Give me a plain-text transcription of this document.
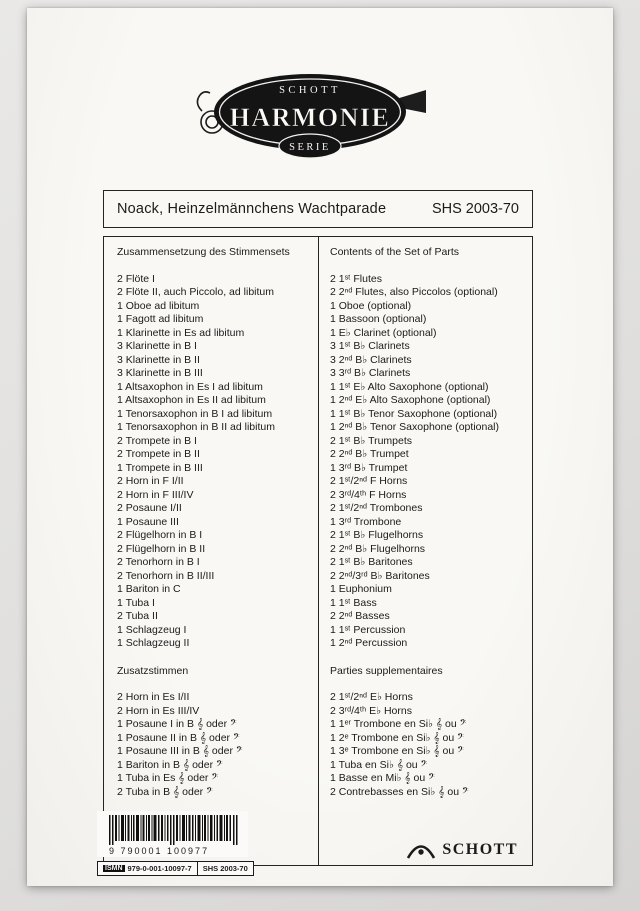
SCHOTT
HARMONIE
SERIE
Noack, Heinzelmännchens Wachtparade	SHS 2003-70
Zusammensetzung des Stimmensets
2 Flöte I
2 Flöte II, auch Piccolo, ad libitum
1 Oboe ad libitum
1 Fagott ad libitum
1 Klarinette in Es ad libitum
3 Klarinette in B I
3 Klarinette in B II
3 Klarinette in B III
1 Altsaxophon in Es I ad libitum
1 Altsaxophon in Es II ad libitum
1 Tenorsaxophon in B I ad libitum
1 Tenorsaxophon in B II ad libitum
2 Trompete in B I
2 Trompete in B II
1 Trompete in B III
2 Horn in F I/II
2 Horn in F III/IV
2 Posaune I/II
1 Posaune III
2 Flügelhorn in B I
2 Flügelhorn in B II
2 Tenorhorn in B I
2 Tenorhorn in B II/III
1 Bariton in C
1 Tuba I
2 Tuba II
1 Schlagzeug I
1 Schlagzeug II
Zusatzstimmen
2 Horn in Es I/II
2 Horn in Es III/IV
1 Posaune I in B 𝄞 oder 𝄢
1 Posaune II in B 𝄞 oder 𝄢
1 Posaune III in B 𝄞 oder 𝄢
1 Bariton in B 𝄞 oder 𝄢
1 Tuba in Es 𝄞 oder 𝄢
2 Tuba in B 𝄞 oder 𝄢
Contents of the Set of Parts
2 1ˢᵗ Flutes
2 2ⁿᵈ Flutes, also Piccolos (optional)
1 Oboe (optional)
1 Bassoon (optional)
1 E♭ Clarinet (optional)
3 1ˢᵗ B♭ Clarinets
3 2ⁿᵈ B♭ Clarinets
3 3ʳᵈ B♭ Clarinets
1 1ˢᵗ E♭ Alto Saxophone (optional)
1 2ⁿᵈ E♭ Alto Saxophone (optional)
1 1ˢᵗ B♭ Tenor Saxophone (optional)
1 2ⁿᵈ B♭ Tenor Saxophone (optional)
2 1ˢᵗ B♭ Trumpets
2 2ⁿᵈ B♭ Trumpet
1 3ʳᵈ B♭ Trumpet
2 1ˢᵗ/2ⁿᵈ F Horns
2 3ʳᵈ/4ᵗʰ F Horns
2 1ˢᵗ/2ⁿᵈ Trombones
1 3ʳᵈ Trombone
2 1ˢᵗ B♭ Flugelhorns
2 2ⁿᵈ B♭ Flugelhorns
2 1ˢᵗ B♭ Baritones
2 2ⁿᵈ/3ʳᵈ B♭ Baritones
1 Euphonium
1 1ˢᵗ Bass
2 2ⁿᵈ Basses
1 1ˢᵗ Percussion
1 2ⁿᵈ Percussion
Parties supplementaires
2 1ˢᵗ/2ⁿᵈ E♭ Horns
2 3ʳᵈ/4ᵗʰ E♭ Horns
1 1ᵉʳ Trombone en Si♭ 𝄞 ou 𝄢
1 2ᵉ Trombone en Si♭ 𝄞 ou 𝄢
1 3ᵉ Trombone en Si♭ 𝄞 ou 𝄢
1 Tuba en Si♭ 𝄞 ou 𝄢
1 Basse en Mi♭ 𝄞 ou 𝄢
2 Contrebasses en Si♭ 𝄞 ou 𝄢
SCHOTT
9 790001 100977
ISMN 979-0-001-10097-7 SHS 2003-70
